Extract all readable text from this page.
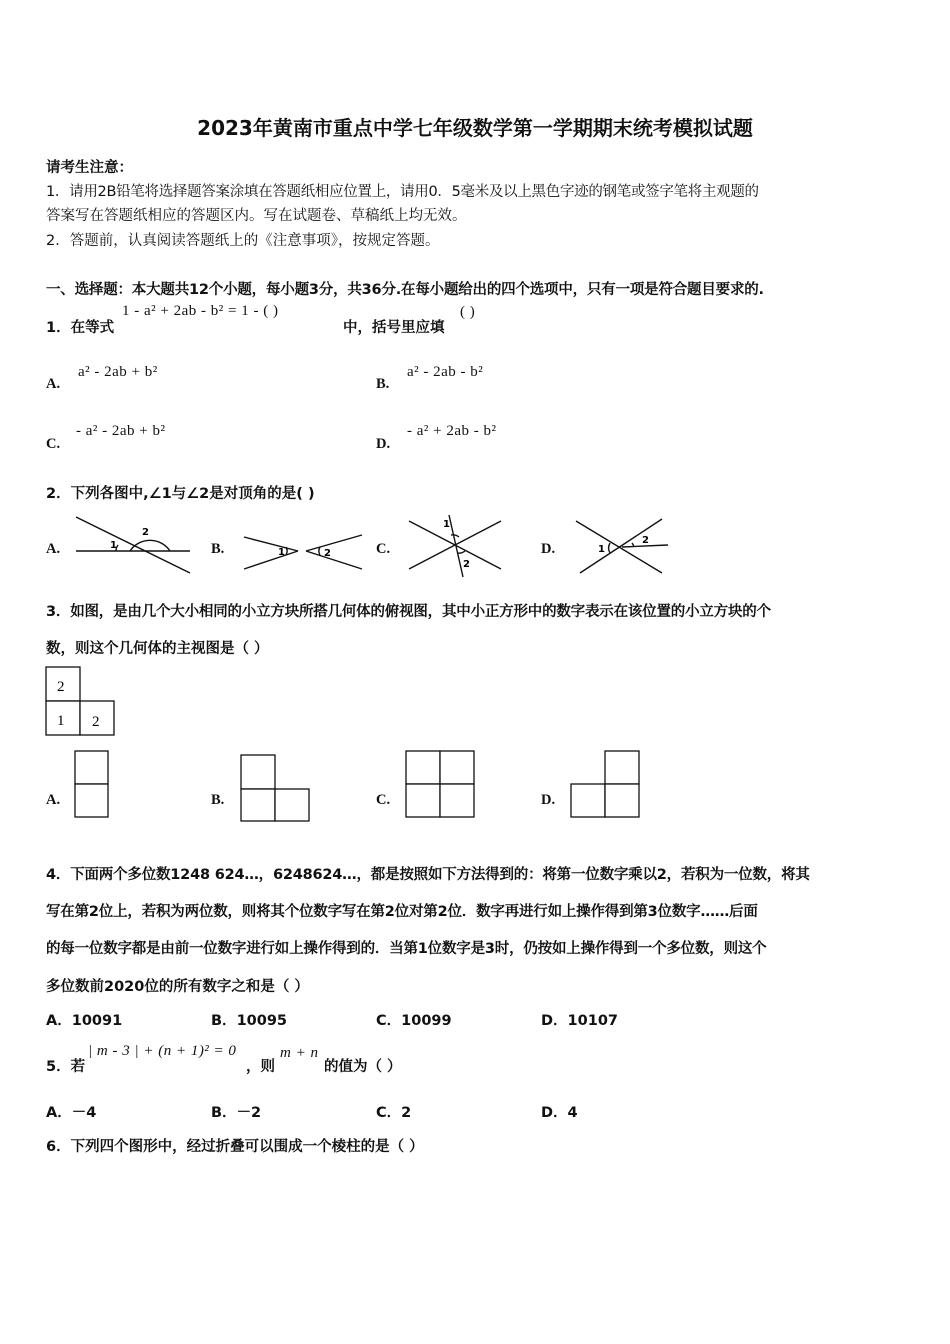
2023年黄南市重点中学七年级数学第一学期期末统考模拟试题
请考生注意：
1．请用2B铅笔将选择题答案涂填在答题纸相应位置上，请用0．5毫米及以上黑色字迹的钢笔或签字笔将主观题的
答案写在答题纸相应的答题区内。写在试题卷、草稿纸上均无效。
2．答题前，认真阅读答题纸上的《注意事项》，按规定答题。
一、选择题：本大题共12个小题，每小题3分，共36分.在每小题给出的四个选项中，只有一项是符合题目要求的.
1．在等式
1 - a² + 2ab - b² = 1 - ( )
中，括号里应填
( )
A.
a² - 2ab + b²
B.
a² - 2ab - b²
C.
- a² - 2ab + b²
D.
- a² + 2ab - b²
2．下列各图中,∠1与∠2是对顶角的是( )
A.	1
2
B.	1	2	C.
1
2
D.	1
2
3．如图，是由几个大小相同的小立方块所搭几何体的俯视图，其中小正方形中的数字表示在该位置的小立方块的个
数，则这个几何体的主视图是（ ）
2
1 2
A.	B.	C.	D.
4．下面两个多位数1248 624…，6248624…，都是按照如下方法得到的：将第一位数字乘以2，若积为一位数，将其
写在第2位上，若积为两位数，则将其个位数字写在第2位对第2位．数字再进行如上操作得到第3位数字……后面
的每一位数字都是由前一位数字进行如上操作得到的．当第1位数字是3时，仍按如上操作得到一个多位数，则这个
多位数前2020位的所有数字之和是（ ）
A．10091	B．10095	C．10099	D．10107
5．若
| m - 3 | + (n + 1)² = 0
，则
m + n
的值为（ ）
A．－4	B．－2	C．2	D．4
6．下列四个图形中，经过折叠可以围成一个棱柱的是（ ）
